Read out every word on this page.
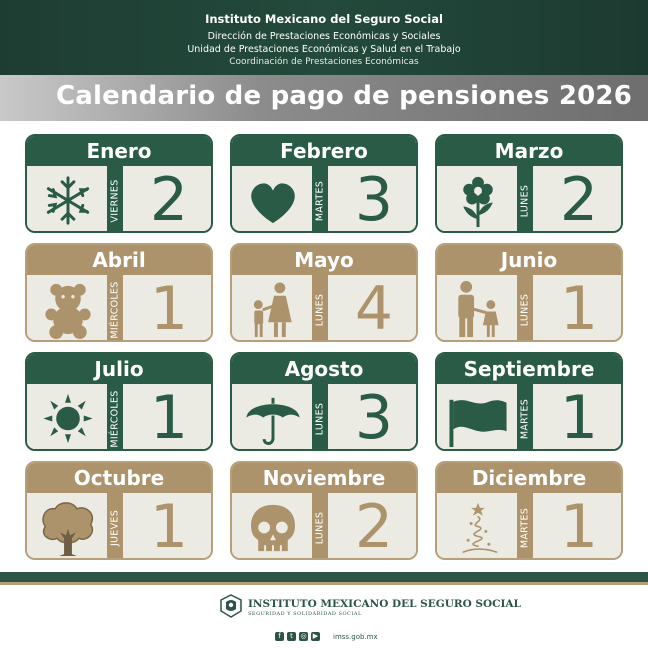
Instituto Mexicano del Seguro Social
Dirección de Prestaciones Económicas y Sociales
Unidad de Prestaciones Económicas y Salud en el Trabajo
Coordinación de Prestaciones Económicas
Calendario de pago de pensiones 2026
Enero
VIERNES 2
Febrero
MARTES 3
Marzo
LUNES 2
Abril
MIÉRCOLES 1
Mayo
LUNES 4
Junio
LUNES 1
Julio
MIÉRCOLES 1
Agosto
LUNES 3
Septiembre
MARTES 1
Octubre
JUEVES 1
Noviembre
LUNES 2
Diciembre
MARTES 1
INSTITUTO MEXICANO DEL SEGURO SOCIAL
SEGURIDAD Y SOLIDARIDAD SOCIAL
f	t	◎ ▶ imss.gob.mx
